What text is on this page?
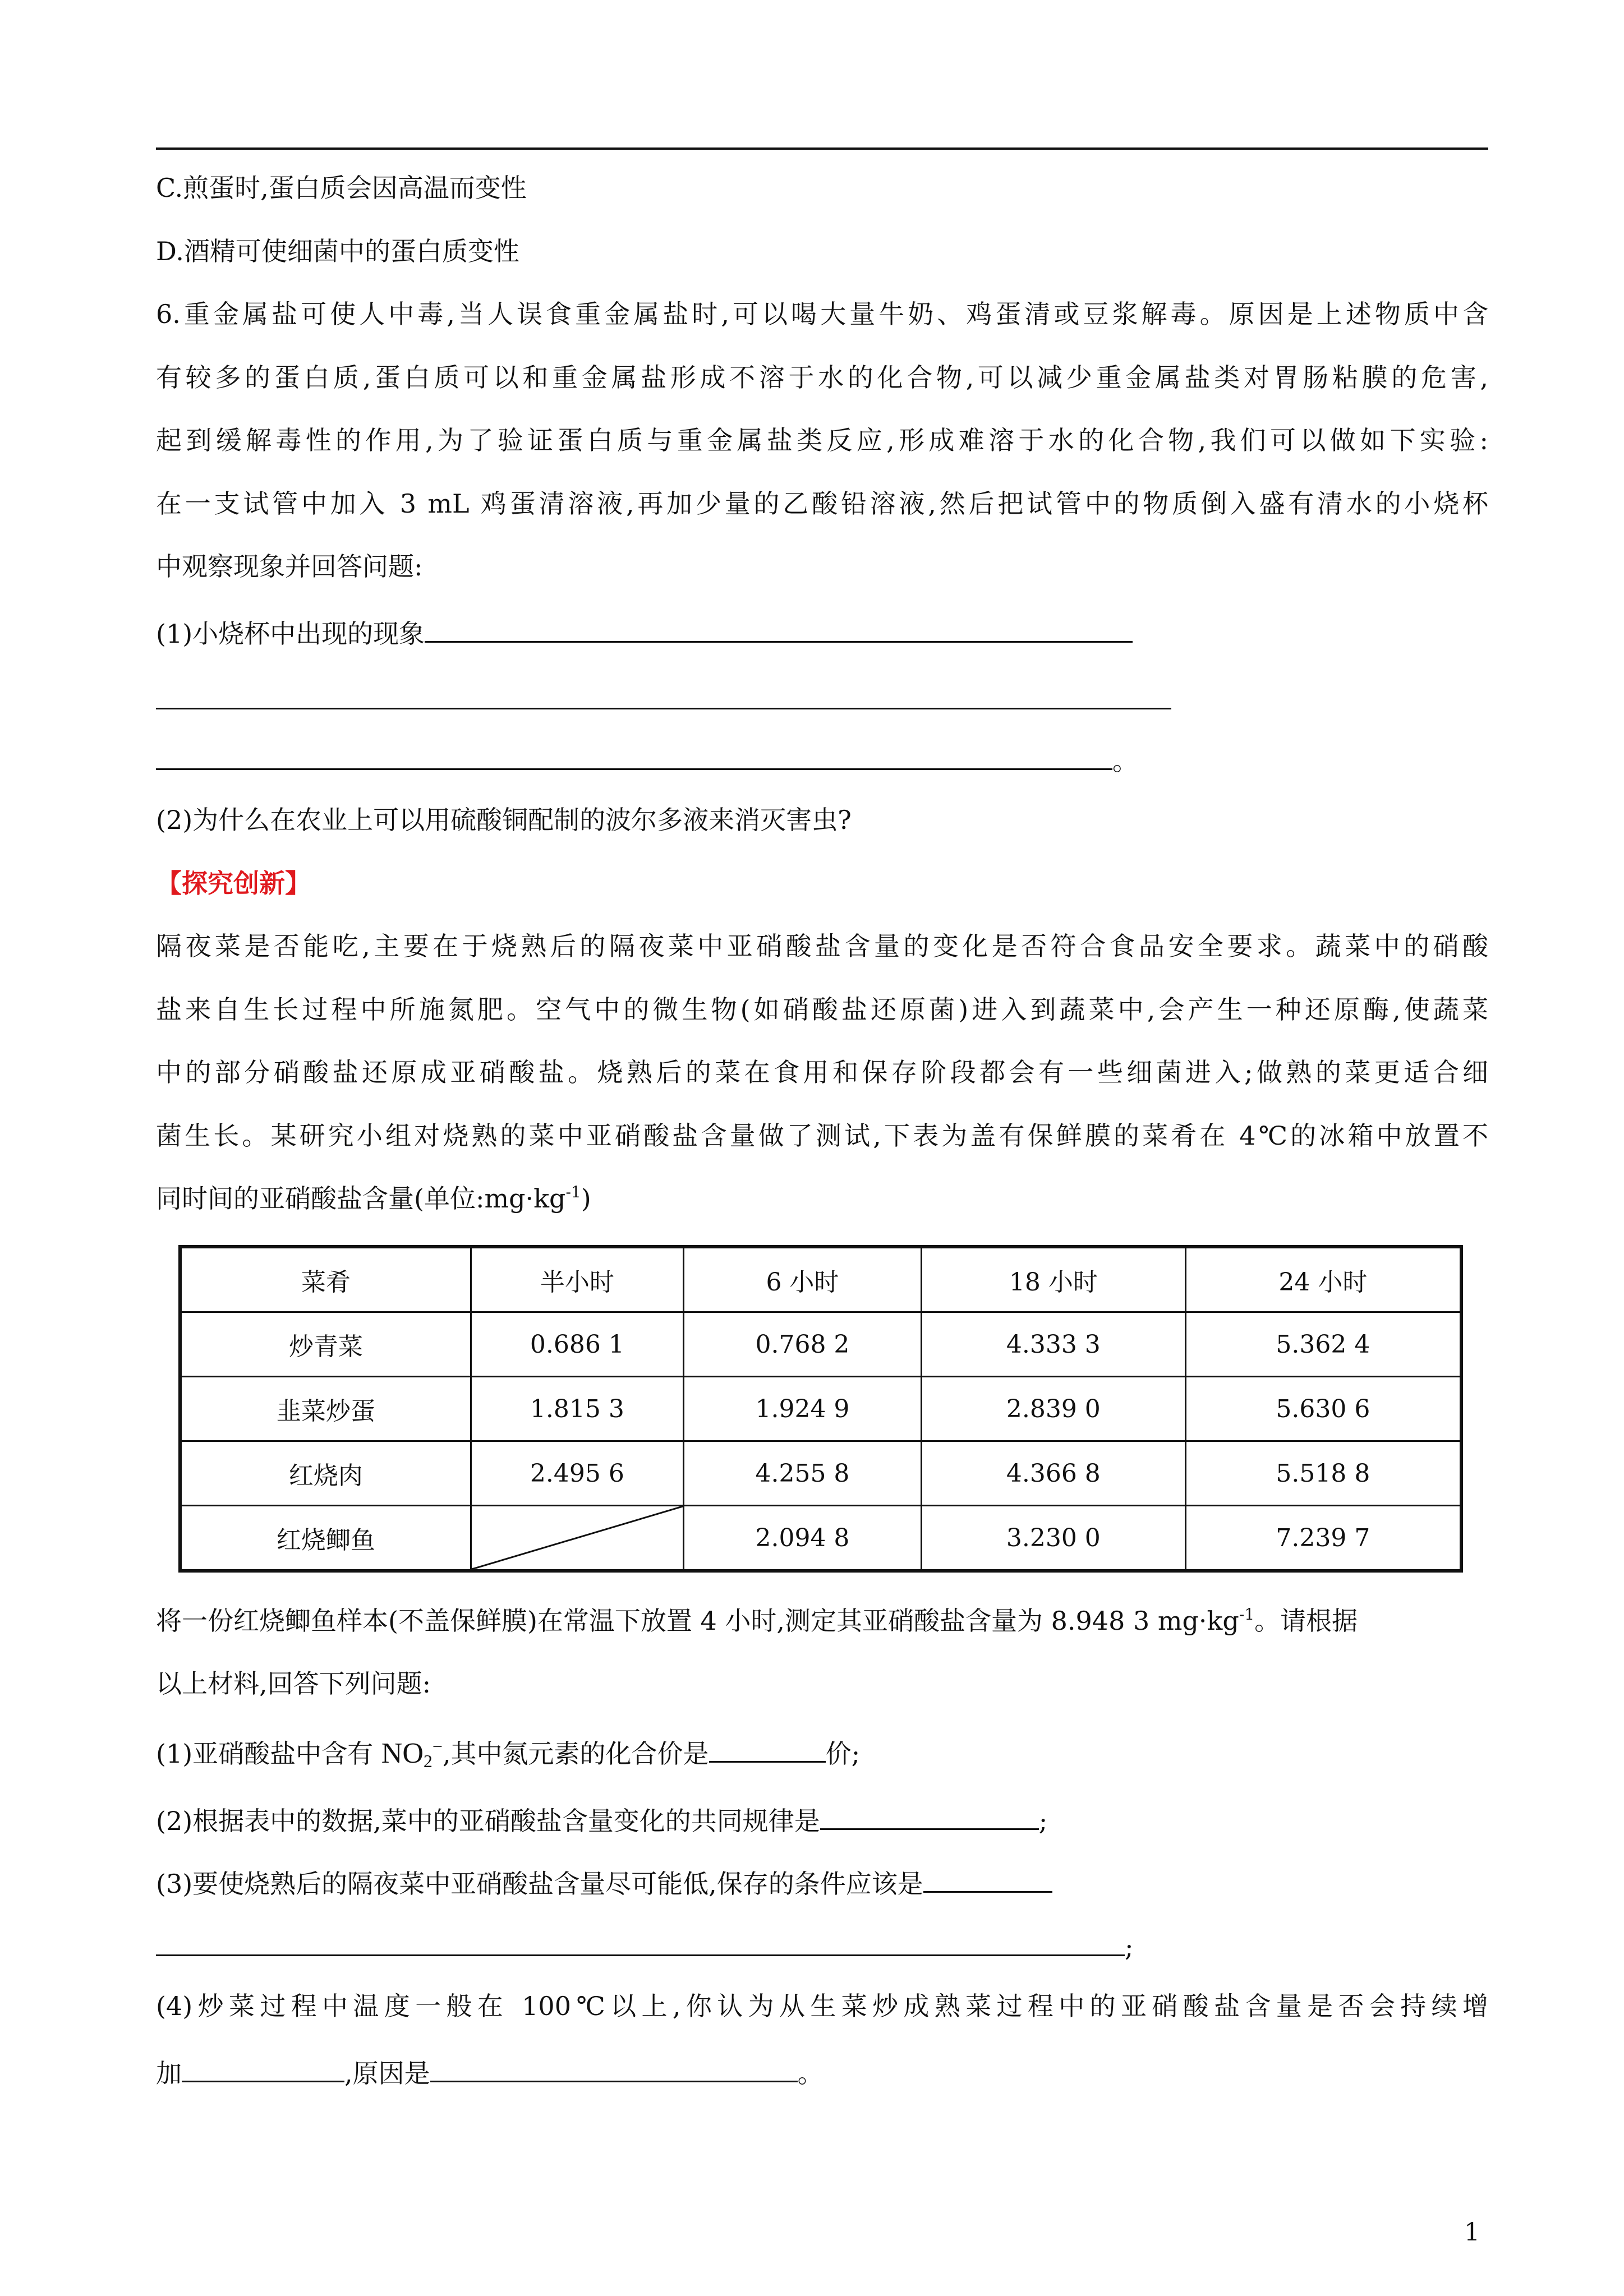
C.煎蛋时,蛋白质会因高温而变性
D.酒精可使细菌中的蛋白质变性
6.重金属盐可使人中毒,当人误食重金属盐时,可以喝大量牛奶、鸡蛋清或豆浆解毒。原因是上述物质中含
有较多的蛋白质,蛋白质可以和重金属盐形成不溶于水的化合物,可以减少重金属盐类对胃肠粘膜的危害,
起到缓解毒性的作用,为了验证蛋白质与重金属盐类反应,形成难溶于水的化合物,我们可以做如下实验:
在一支试管中加入 3 mL 鸡蛋清溶液,再加少量的乙酸铅溶液,然后把试管中的物质倒入盛有清水的小烧杯
中观察现象并回答问题:
(1)小烧杯中出现的现象
。
(2)为什么在农业上可以用硫酸铜配制的波尔多液来消灭害虫?
【探究创新】
隔夜菜是否能吃,主要在于烧熟后的隔夜菜中亚硝酸盐含量的变化是否符合食品安全要求。蔬菜中的硝酸
盐来自生长过程中所施氮肥。空气中的微生物(如硝酸盐还原菌)进入到蔬菜中,会产生一种还原酶,使蔬菜
中的部分硝酸盐还原成亚硝酸盐。烧熟后的菜在食用和保存阶段都会有一些细菌进入;做熟的菜更适合细
菌生长。某研究小组对烧熟的菜中亚硝酸盐含量做了测试,下表为盖有保鲜膜的菜肴在 4℃的冰箱中放置不
同时间的亚硝酸盐含量(单位$:mg\cdot kg^{-1}$)
菜肴	半小时	6 小时	18 小时	24 小时
炒青菜	0.686 1	0.768 2	4.333 3	5.362 4
韭菜炒蛋	1.815 3	1.924 9	2.839 0	5.630 6
红烧肉	2.495 6	4.255 8	4.366 8	5.518 8
红烧鲫鱼		2.094 8	3.230 0	7.239 7
将一份红烧鲫鱼样本(不盖保鲜膜)在常温下放置 4 小时,测定其亚硝酸盐含量为 8.948 3 $mg\cdot kg^{-1}$。请根据
以上材料,回答下列问题:
(1)亚硝酸盐中含有 $NO_2^-$,其中氮元素的化合价是	价;
(2)根据表中的数据,菜中的亚硝酸盐含量变化的共同规律是	;
(3)要使烧熟后的隔夜菜中亚硝酸盐含量尽可能低,保存的条件应该是
;
(4)炒菜过程中温度一般在 100℃以上,你认为从生菜炒成熟菜过程中的亚硝酸盐含量是否会持续增
加	,原因是	。
1
